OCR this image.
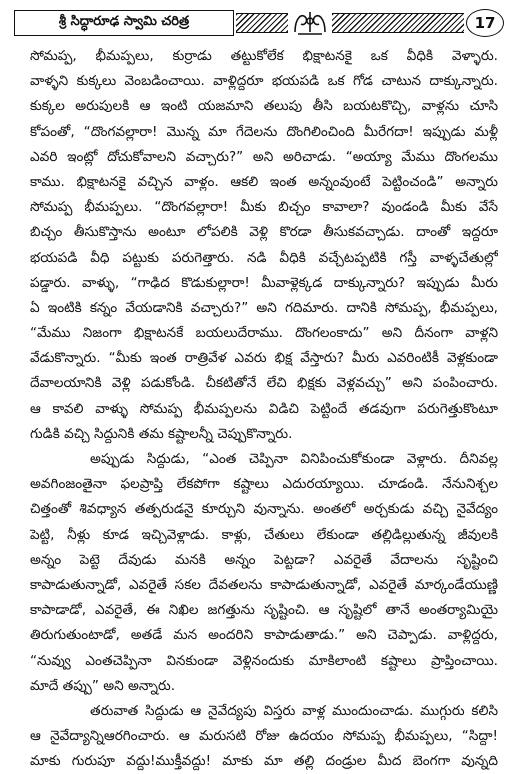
శ్రీ సిద్ధారూఢ స్వామి చరిత్ర	17
సోమప్ప, భీమప్పలు, కుర్రాడు తట్టుకోలేక భిక్షాటనకై ఒక వీధికి వెళ్ళారు.
వాళ్ళని కుక్కలు వెంబడించాయి. వాళ్లిద్దరూ భయపడి ఒక గోడ చాటున దాక్కున్నారు.
కుక్కల అరుపులకి ఆ ఇంటి యజమాని తలుపు తీసి బయటకొచ్చి, వాళ్లను చూసి
కోపంతో, “దొంగవల్లారా! మొన్న మా గేదెలను దొంగిలించింది మీరేగదా! ఇప్పుడు మళ్లీ
ఎవరి ఇంట్లో దోచుకోవాలని వచ్చారు?” అని అరిచాడు. “అయ్యా మేము దొంగలము
కాము. భిక్షాటనకై వచ్చిన వాళ్లం. ఆకలి ఇంత అన్నంవుంటే పెట్టించండి” అన్నారు
సోమప్ప భీమప్పలు. “దొంగవల్లారా! మీకు బిచ్చం కావాలా? వుండండి మీకు వేసే
బిచ్చం తీసుకొస్తాను అంటూ లోపలికి వెళ్లి కొరడా తీసుకవచ్చాడు. దాంతో ఇద్దరూ
భయపడి వీధి పట్టుకు పరుగెత్తారు. నడి వీధికి వచ్చేటప్పటికి గస్తీ వాళ్ళచేతుల్లో
పడ్డారు. వాళ్ళు, “గాఢిద కొడుకుల్లారా! మీవాళ్లెక్కడ దాక్కున్నారు? ఇప్పుడు మీరు
ఏ ఇంటికి కన్నం వేయడానికి వచ్చారు?” అని గదిమారు. దానికి సోమప్ప, భీమప్పలు,
“మేము నిజంగా భిక్షాటనకే బయలుదేరాము. దొంగలంకాదు” అని దీనంగా వాళ్లని
వేడుకొన్నారు. “మీకు ఇంత రాత్రివేళ ఎవరు భిక్ష వేస్తారు? మీరు ఎవరింటికీ వెళ్లకుండా
దేవాలయానికి వెళ్లి పడుకోండి. చీకటితోనే లేచి భిక్షకు వెళ్లవచ్చు” అని పంపించారు.
ఆ కావలి వాళ్ళు సోమప్ప భీమప్పలను విడిచి పెట్టిందే తడవుగా పరుగెత్తుకొంటూ
గుడికి వచ్చి సిద్దునికి తమ కష్టాలన్నీ చెప్పుకొన్నారు.
అప్పుడు సిద్దుడు, “ఎంత చెప్పినా వినిపించుకోకుండా వెళ్లారు. దీనివల్ల
అవగింజంతైనా ఫలప్రాప్తి లేకపోగా కష్టాలు ఎదురయ్యాయి. చూడండి. నేనునిశ్చల
చిత్తంతో శివధ్యాన తత్పరుడనై కూర్చుని వున్నాను. అంతలో అర్చకుడు వచ్చి నైవేద్యం
పెట్టి, నీళ్లు కూడ ఇచ్చివెళ్లాడు. కాళ్లు, చేతులు లేకుండా తల్లిడిల్లుతున్న జీవులకి
అన్నం పెట్టె దేవుడు మనకి అన్నం పెట్టడా? ఎవరైతే వేదాలను సృష్టించి
కాపాడుతున్నాడో, ఎవరైతే సకల దేవతలను కాపాడుతున్నాడో, ఎవరైతే మార్కండేయుణ్ణి
కాపాడాడో, ఎవరైతే, ఈ నిఖిల జగత్తును సృష్టించి. ఆ సృష్టిలో తానే అంతర్యామియై
తిరుగుతుంటాడో, అతడే మన అందరిని కాపాడుతాడు.” అని చెప్పాడు. వాళ్లిద్దరు,
“నువ్వు ఎంతచెప్పినా వినకుండా వెళ్లినందుకు మాకిలాంటి కష్టాలు ప్రాప్తించాయి.
మాదే తప్పు” అని అన్నారు.
తరువాత సిద్దుడు ఆ నైవేద్యపు విస్తరు వాళ్ల ముందుంచాడు. ముగ్గురు కలిసి
ఆ నైవేద్యాన్నిఆరగించారు. ఆ మరుసటి రోజు ఉదయం సోమప్ప భీమప్పలు, “సిద్దా!
మాకు గురుపూ వద్దు!ముక్తీవద్దు! మాకు మా తల్లి దండ్రుల మీద బెంగగా వున్నది
